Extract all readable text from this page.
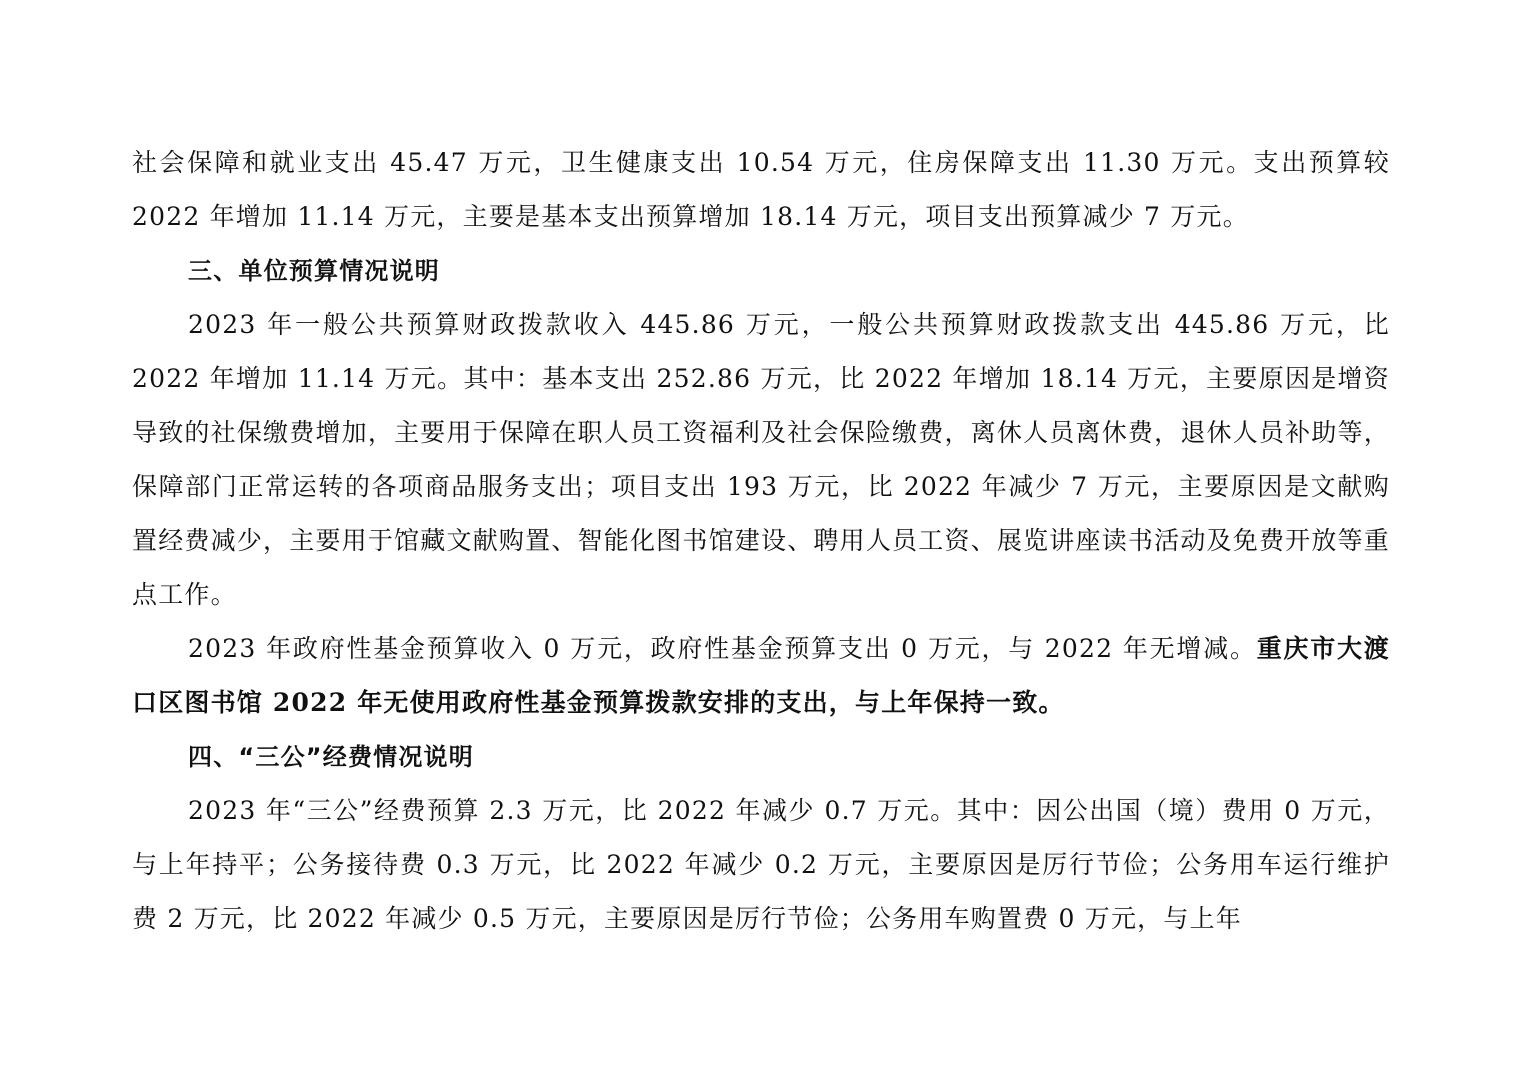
社会保障和就业支出 45.47 万元，卫生健康支出 10.54 万元，住房保障支出 11.30 万元。支出预算较 2022 年增加 11.14 万元，主要是基本支出预算增加 18.14 万元，项目支出预算减少 7 万元。

三、单位预算情况说明

2023 年一般公共预算财政拨款收入 445.86 万元，一般公共预算财政拨款支出 445.86 万元，比 2022 年增加 11.14 万元。其中：基本支出 252.86 万元，比 2022 年增加 18.14 万元，主要原因是增资导致的社保缴费增加，主要用于保障在职人员工资福利及社会保险缴费，离休人员离休费，退休人员补助等，保障部门正常运转的各项商品服务支出；项目支出 193 万元，比 2022 年减少 7 万元，主要原因是文献购置经费减少，主要用于馆藏文献购置、智能化图书馆建设、聘用人员工资、展览讲座读书活动及免费开放等重点工作。

2023 年政府性基金预算收入 0 万元，政府性基金预算支出 0 万元，与 2022 年无增减。重庆市大渡口区图书馆 2022 年无使用政府性基金预算拨款安排的支出，与上年保持一致。

四、“三公”经费情况说明

2023 年“三公”经费预算 2.3 万元，比 2022 年减少 0.7 万元。其中：因公出国（境）费用 0 万元，与上年持平；公务接待费 0.3 万元，比 2022 年减少 0.2 万元，主要原因是厉行节俭；公务用车运行维护费 2 万元，比 2022 年减少 0.5 万元，主要原因是厉行节俭；公务用车购置费 0 万元，与上年
